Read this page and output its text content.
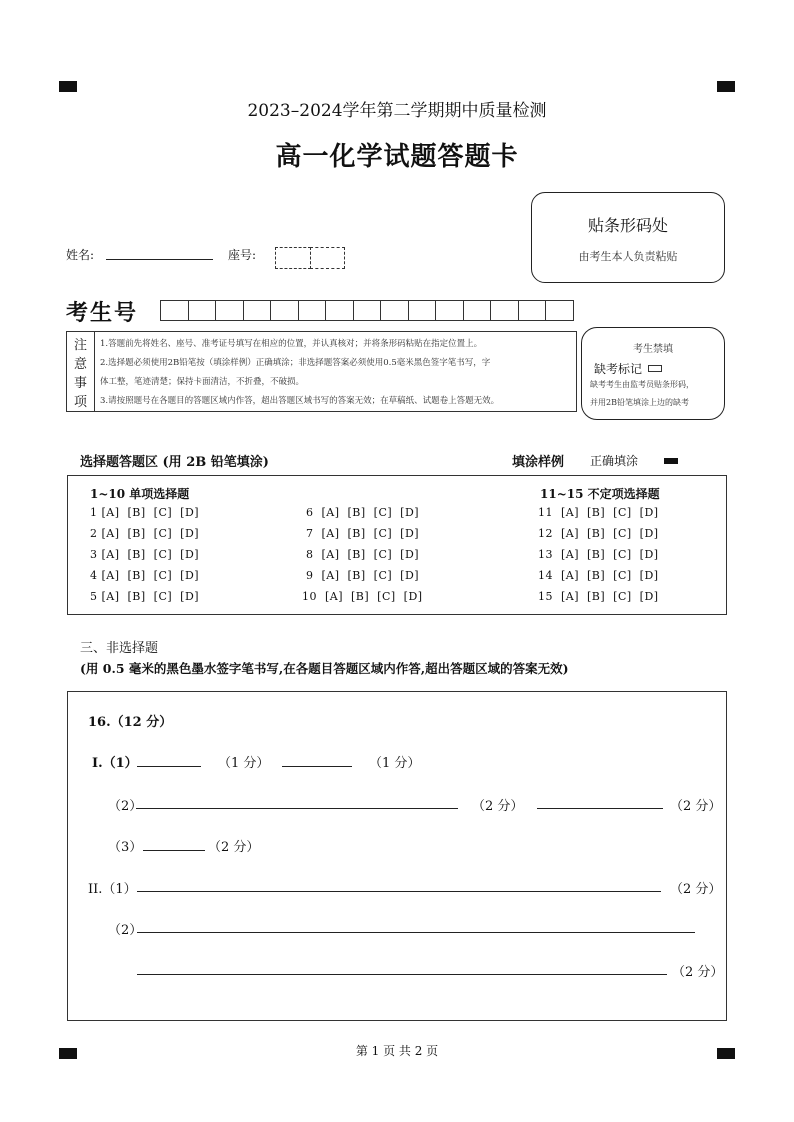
2023–2024学年第二学期期中质量检测
高一化学试题答题卡
贴条形码处
由考生本人负责粘贴
姓名:	座号:
考生号
注
意
事
项
1.答题前先将姓名、座号、准考证号填写在相应的位置，并认真核对；并将条形码粘贴在指定位置上。
2.选择题必须使用2B铅笔按（填涂样例）正确填涂；非选择题答案必须使用0.5毫米黑色签字笔书写，字
体工整，笔迹清楚；保持卡面清洁，不折叠，不破损。
3.请按照题号在各题目的答题区域内作答，超出答题区域书写的答案无效；在草稿纸、试题卷上答题无效。
考生禁填
缺考标记
缺考考生由监考员贴条形码，
并用2B铅笔填涂上边的缺考
选择题答题区 (用 2B 铅笔填涂)	填涂样例 正确填涂
1~10 单项选择题	11~15 不定项选择题
1 [A]  [B]  [C]  [D]
2 [A]  [B]  [C]  [D]
3 [A]  [B]  [C]  [D]
4 [A]  [B]  [C]  [D]
5 [A]  [B]  [C]  [D]
6  [A]  [B]  [C]  [D]
7  [A]  [B]  [C]  [D]
8  [A]  [B]  [C]  [D]
9  [A]  [B]  [C]  [D]
10  [A]  [B]  [C]  [D]
11  [A]  [B]  [C]  [D]
12  [A]  [B]  [C]  [D]
13  [A]  [B]  [C]  [D]
14  [A]  [B]  [C]  [D]
15  [A]  [B]  [C]  [D]
三、非选择题
(用 0.5 毫米的黑色墨水签字笔书写,在各题目答题区域内作答,超出答题区域的答案无效)
16.（12 分）
I.（1）	（1 分）	（1 分）
（2）	（2 分）	（2 分）
（3）	（2 分）
II.（1）	（2 分）
（2）
（2 分）
第 1 页 共 2 页
